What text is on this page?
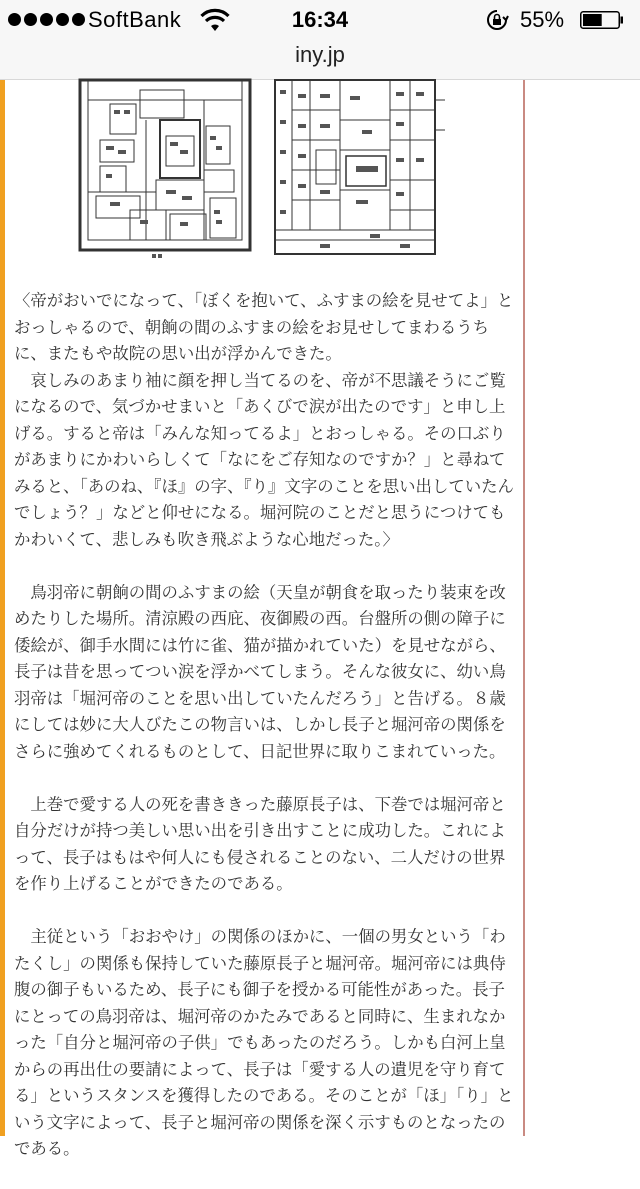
SoftBank	16:34	55%
iny.jp

〈帝がおいでになって、「ぼくを抱いて、ふすまの絵を見せてよ」とおっしゃるので、朝餉の間のふすまの絵をお見せしてまわるうちに、またもや故院の思い出が浮かんできた。
　哀しみのあまり袖に顔を押し当てるのを、帝が不思議そうにご覧になるので、気づかせまいと「あくびで涙が出たのです」と申し上げる。すると帝は「みんな知ってるよ」とおっしゃる。その口ぶりがあまりにかわいらしくて「なにをご存知なのですか？」と尋ねてみると、「あのね、『ほ』の字、『り』文字のことを思い出していたんでしょう？」などと仰せになる。堀河院のことだと思うにつけてもかわいくて、悲しみも吹き飛ぶような心地だった。〉

　鳥羽帝に朝餉の間のふすまの絵（天皇が朝食を取ったり装束を改めたりした場所。清涼殿の西庇、夜御殿の西。台盤所の側の障子に倭絵が、御手水間には竹に雀、猫が描かれていた）を見せながら、長子は昔を思ってつい涙を浮かべてしまう。そんな彼女に、幼い鳥羽帝は「堀河帝のことを思い出していたんだろう」と告げる。８歳にしては妙に大人びたこの物言いは、しかし長子と堀河帝の関係をさらに強めてくれるものとして、日記世界に取りこまれていった。

　上巻で愛する人の死を書ききった藤原長子は、下巻では堀河帝と自分だけが持つ美しい思い出を引き出すことに成功した。これによって、長子はもはや何人にも侵されることのない、二人だけの世界を作り上げることができたのである。

　主従という「おおやけ」の関係のほかに、一個の男女という「わたくし」の関係も保持していた藤原長子と堀河帝。堀河帝には典侍腹の御子もいるため、長子にも御子を授かる可能性があった。長子にとっての鳥羽帝は、堀河帝のかたみであると同時に、生まれなかった「自分と堀河帝の子供」でもあったのだろう。しかも白河上皇からの再出仕の要請によって、長子は「愛する人の遺児を守り育てる」というスタンスを獲得したのである。そのことが「ほ」「り」という文字によって、長子と堀河帝の関係を深く示すものとなったのである。
